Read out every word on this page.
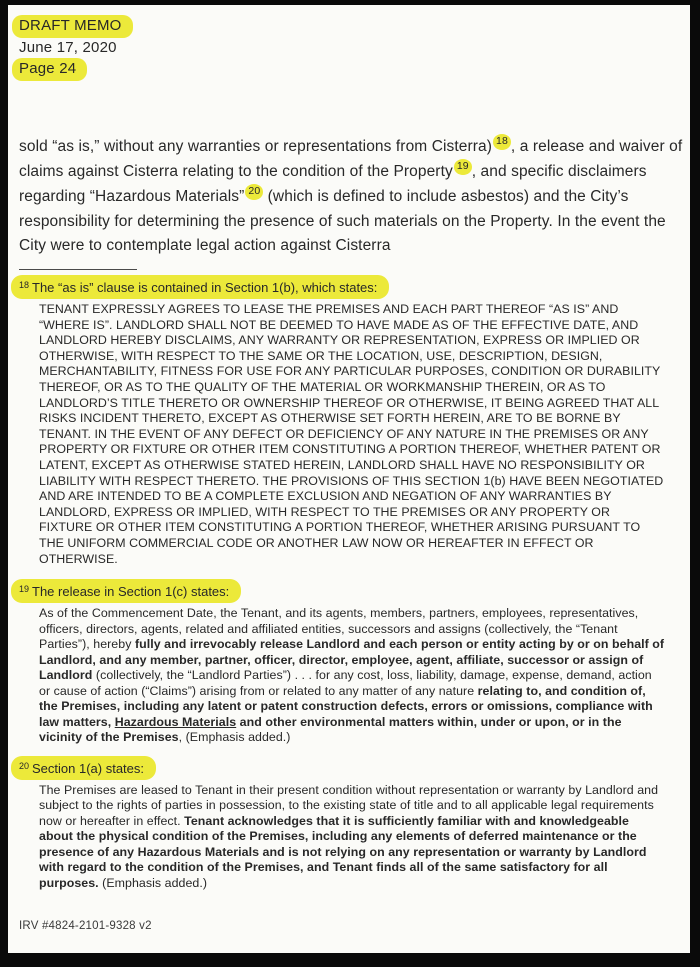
DRAFT MEMO
June 17, 2020
Page 24

sold “as is,” without any warranties or representations from Cisterra) 18 , a release and waiver of claims against Cisterra relating to the condition of the Property 19 , and specific disclaimers regarding “Hazardous Materials” 20 (which is defined to include asbestos) and the City’s responsibility for determining the presence of such materials on the Property. In the event the City were to contemplate legal action against Cisterra

$^{18}$ The “as is” clause is contained in Section 1(b), which states:
TENANT EXPRESSLY AGREES TO LEASE THE PREMISES AND EACH PART THEREOF “AS IS” AND “WHERE IS”. LANDLORD SHALL NOT BE DEEMED TO HAVE MADE AS OF THE EFFECTIVE DATE, AND LANDLORD HEREBY DISCLAIMS, ANY WARRANTY OR REPRESENTATION, EXPRESS OR IMPLIED OR OTHERWISE, WITH RESPECT TO THE SAME OR THE LOCATION, USE, DESCRIPTION, DESIGN, MERCHANTABILITY, FITNESS FOR USE FOR ANY PARTICULAR PURPOSES, CONDITION OR DURABILITY THEREOF, OR AS TO THE QUALITY OF THE MATERIAL OR WORKMANSHIP THEREIN, OR AS TO LANDLORD’S TITLE THERETO OR OWNERSHIP THEREOF OR OTHERWISE, IT BEING AGREED THAT ALL RISKS INCIDENT THERETO, EXCEPT AS OTHERWISE SET FORTH HEREIN, ARE TO BE BORNE BY TENANT. IN THE EVENT OF ANY DEFECT OR DEFICIENCY OF ANY NATURE IN THE PREMISES OR ANY PROPERTY OR FIXTURE OR OTHER ITEM CONSTITUTING A PORTION THEREOF, WHETHER PATENT OR LATENT, EXCEPT AS OTHERWISE STATED HEREIN, LANDLORD SHALL HAVE NO RESPONSIBILITY OR LIABILITY WITH RESPECT THERETO. THE PROVISIONS OF THIS SECTION 1(b) HAVE BEEN NEGOTIATED AND ARE INTENDED TO BE A COMPLETE EXCLUSION AND NEGATION OF ANY WARRANTIES BY LANDLORD, EXPRESS OR IMPLIED, WITH RESPECT TO THE PREMISES OR ANY PROPERTY OR FIXTURE OR OTHER ITEM CONSTITUTING A PORTION THEREOF, WHETHER ARISING PURSUANT TO THE UNIFORM COMMERCIAL CODE OR ANOTHER LAW NOW OR HEREAFTER IN EFFECT OR OTHERWISE.
$^{19}$ The release in Section 1(c) states:
As of the Commencement Date, the Tenant, and its agents, members, partners, employees, representatives, officers, directors, agents, related and affiliated entities, successors and assigns (collectively, the “Tenant Parties”), hereby fully and irrevocably release Landlord and each person or entity acting by or on behalf of Landlord, and any member, partner, officer, director, employee, agent, affiliate, successor or assign of Landlord (collectively, the “Landlord Parties”) . . . for any cost, loss, liability, damage, expense, demand, action or cause of action (“Claims”) arising from or related to any matter of any nature relating to, and condition of, the Premises, including any latent or patent construction defects, errors or omissions, compliance with law matters, Hazardous Materials and other environmental matters within, under or upon, or in the vicinity of the Premises, (Emphasis added.)
$^{20}$ Section 1(a) states:
The Premises are leased to Tenant in their present condition without representation or warranty by Landlord and subject to the rights of parties in possession, to the existing state of title and to all applicable legal requirements now or hereafter in effect. Tenant acknowledges that it is sufficiently familiar with and knowledgeable about the physical condition of the Premises, including any elements of deferred maintenance or the presence of any Hazardous Materials and is not relying on any representation or warranty by Landlord with regard to the condition of the Premises, and Tenant finds all of the same satisfactory for all purposes. (Emphasis added.)
IRV #4824-2101-9328 v2
